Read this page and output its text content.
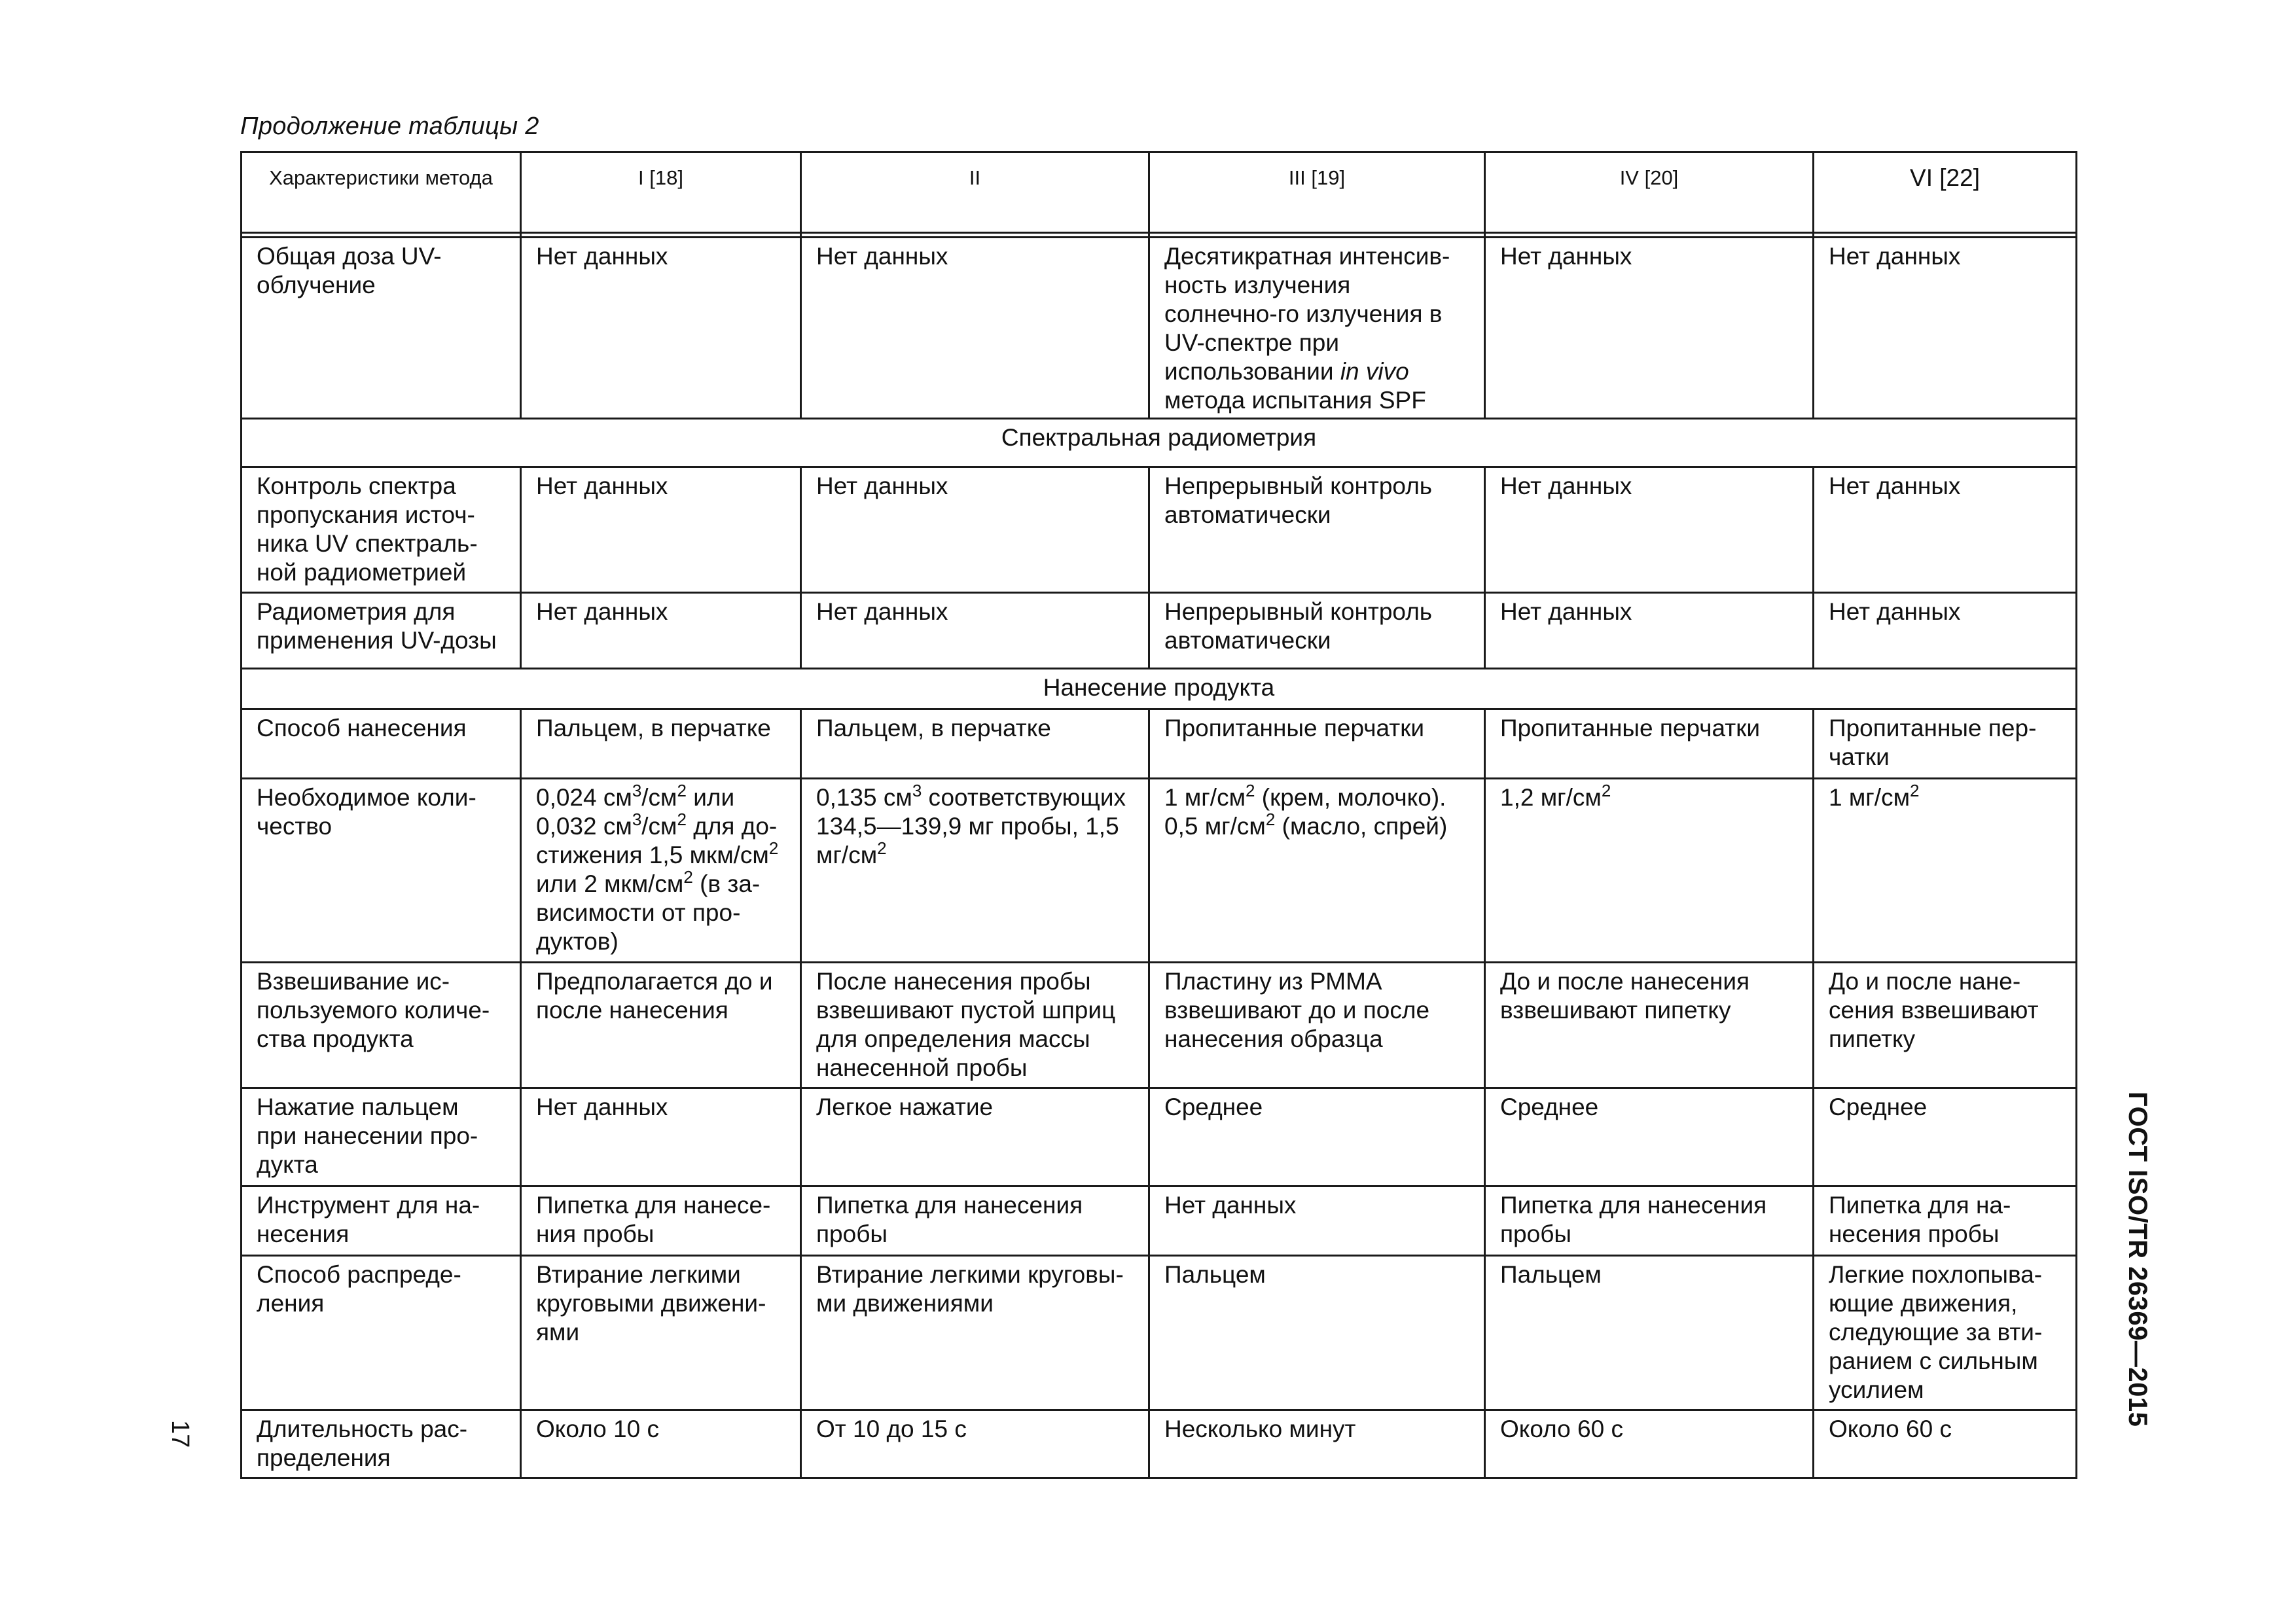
Продолжение таблицы 2
Характеристики метода	I [18]	II	III [19]	IV [20]	VI [22]

Общая доза UV-облучение	Нет данных	Нет данных	Десятикратная интенсив-ность излучения солнечно-го излучения в UV-спектре при использовании in vivo метода испытания SPF	Нет данных	Нет данных
Спектральная радиометрия					
Контроль спектра пропускания источ-ника UV спектраль-ной радиометрией	Нет данных	Нет данных	Непрерывный контроль автоматически	Нет данных	Нет данных
Радиометрия для применения UV-дозы	Нет данных	Нет данных	Непрерывный контроль автоматически	Нет данных	Нет данных
Нанесение продукта					
Способ нанесения	Пальцем, в перчатке	Пальцем, в перчатке	Пропитанные перчатки	Пропитанные перчатки	Пропитанные пер-чатки
Необходимое коли-чество	0,024 $см^3/см^2$ или 0,032 $см^3/см^2$ для до-стижения 1,5 мкм/$см^2$ или 2 мкм/$см^2$ (в за-висимости от про-дуктов)	0,135 $см^3$ соответствующих 134,5—139,9 мг пробы, 1,5 $мг/см^2$	1 $мг/см^2$ (крем, молочко). 0,5 $мг/см^2$ (масло, спрей)	1,2 $мг/см^2$	1 $мг/см^2$
Взвешивание ис-пользуемого количе-ства продукта	Предполагается до и после нанесения	После нанесения пробы взвешивают пустой шприц для определения массы нанесенной пробы	Пластину из РММА взвешивают до и после нанесения образца	До и после нанесения взвешивают пипетку	До и после нане-сения взвешивают пипетку
Нажатие пальцем при нанесении про-дукта	Нет данных	Легкое нажатие	Среднее	Среднее	Среднее
Инструмент для на-несения	Пипетка для нанесе-ния пробы	Пипетка для нанесения пробы	Нет данных	Пипетка для нанесения пробы	Пипетка для на-несения пробы
Способ распреде-ления	Втирание легкими круговыми движени-ями	Втирание легкими круговы-ми движениями	Пальцем	Пальцем	Легкие похлопыва-ющие движения, следующие за вти-ранием с сильным усилием
Длительность рас-пределения	Около 10 с	От 10 до 15 с	Несколько минут	Около 60 с	Около 60 с
17
ГОСТ ISO/TR 26369—2015
